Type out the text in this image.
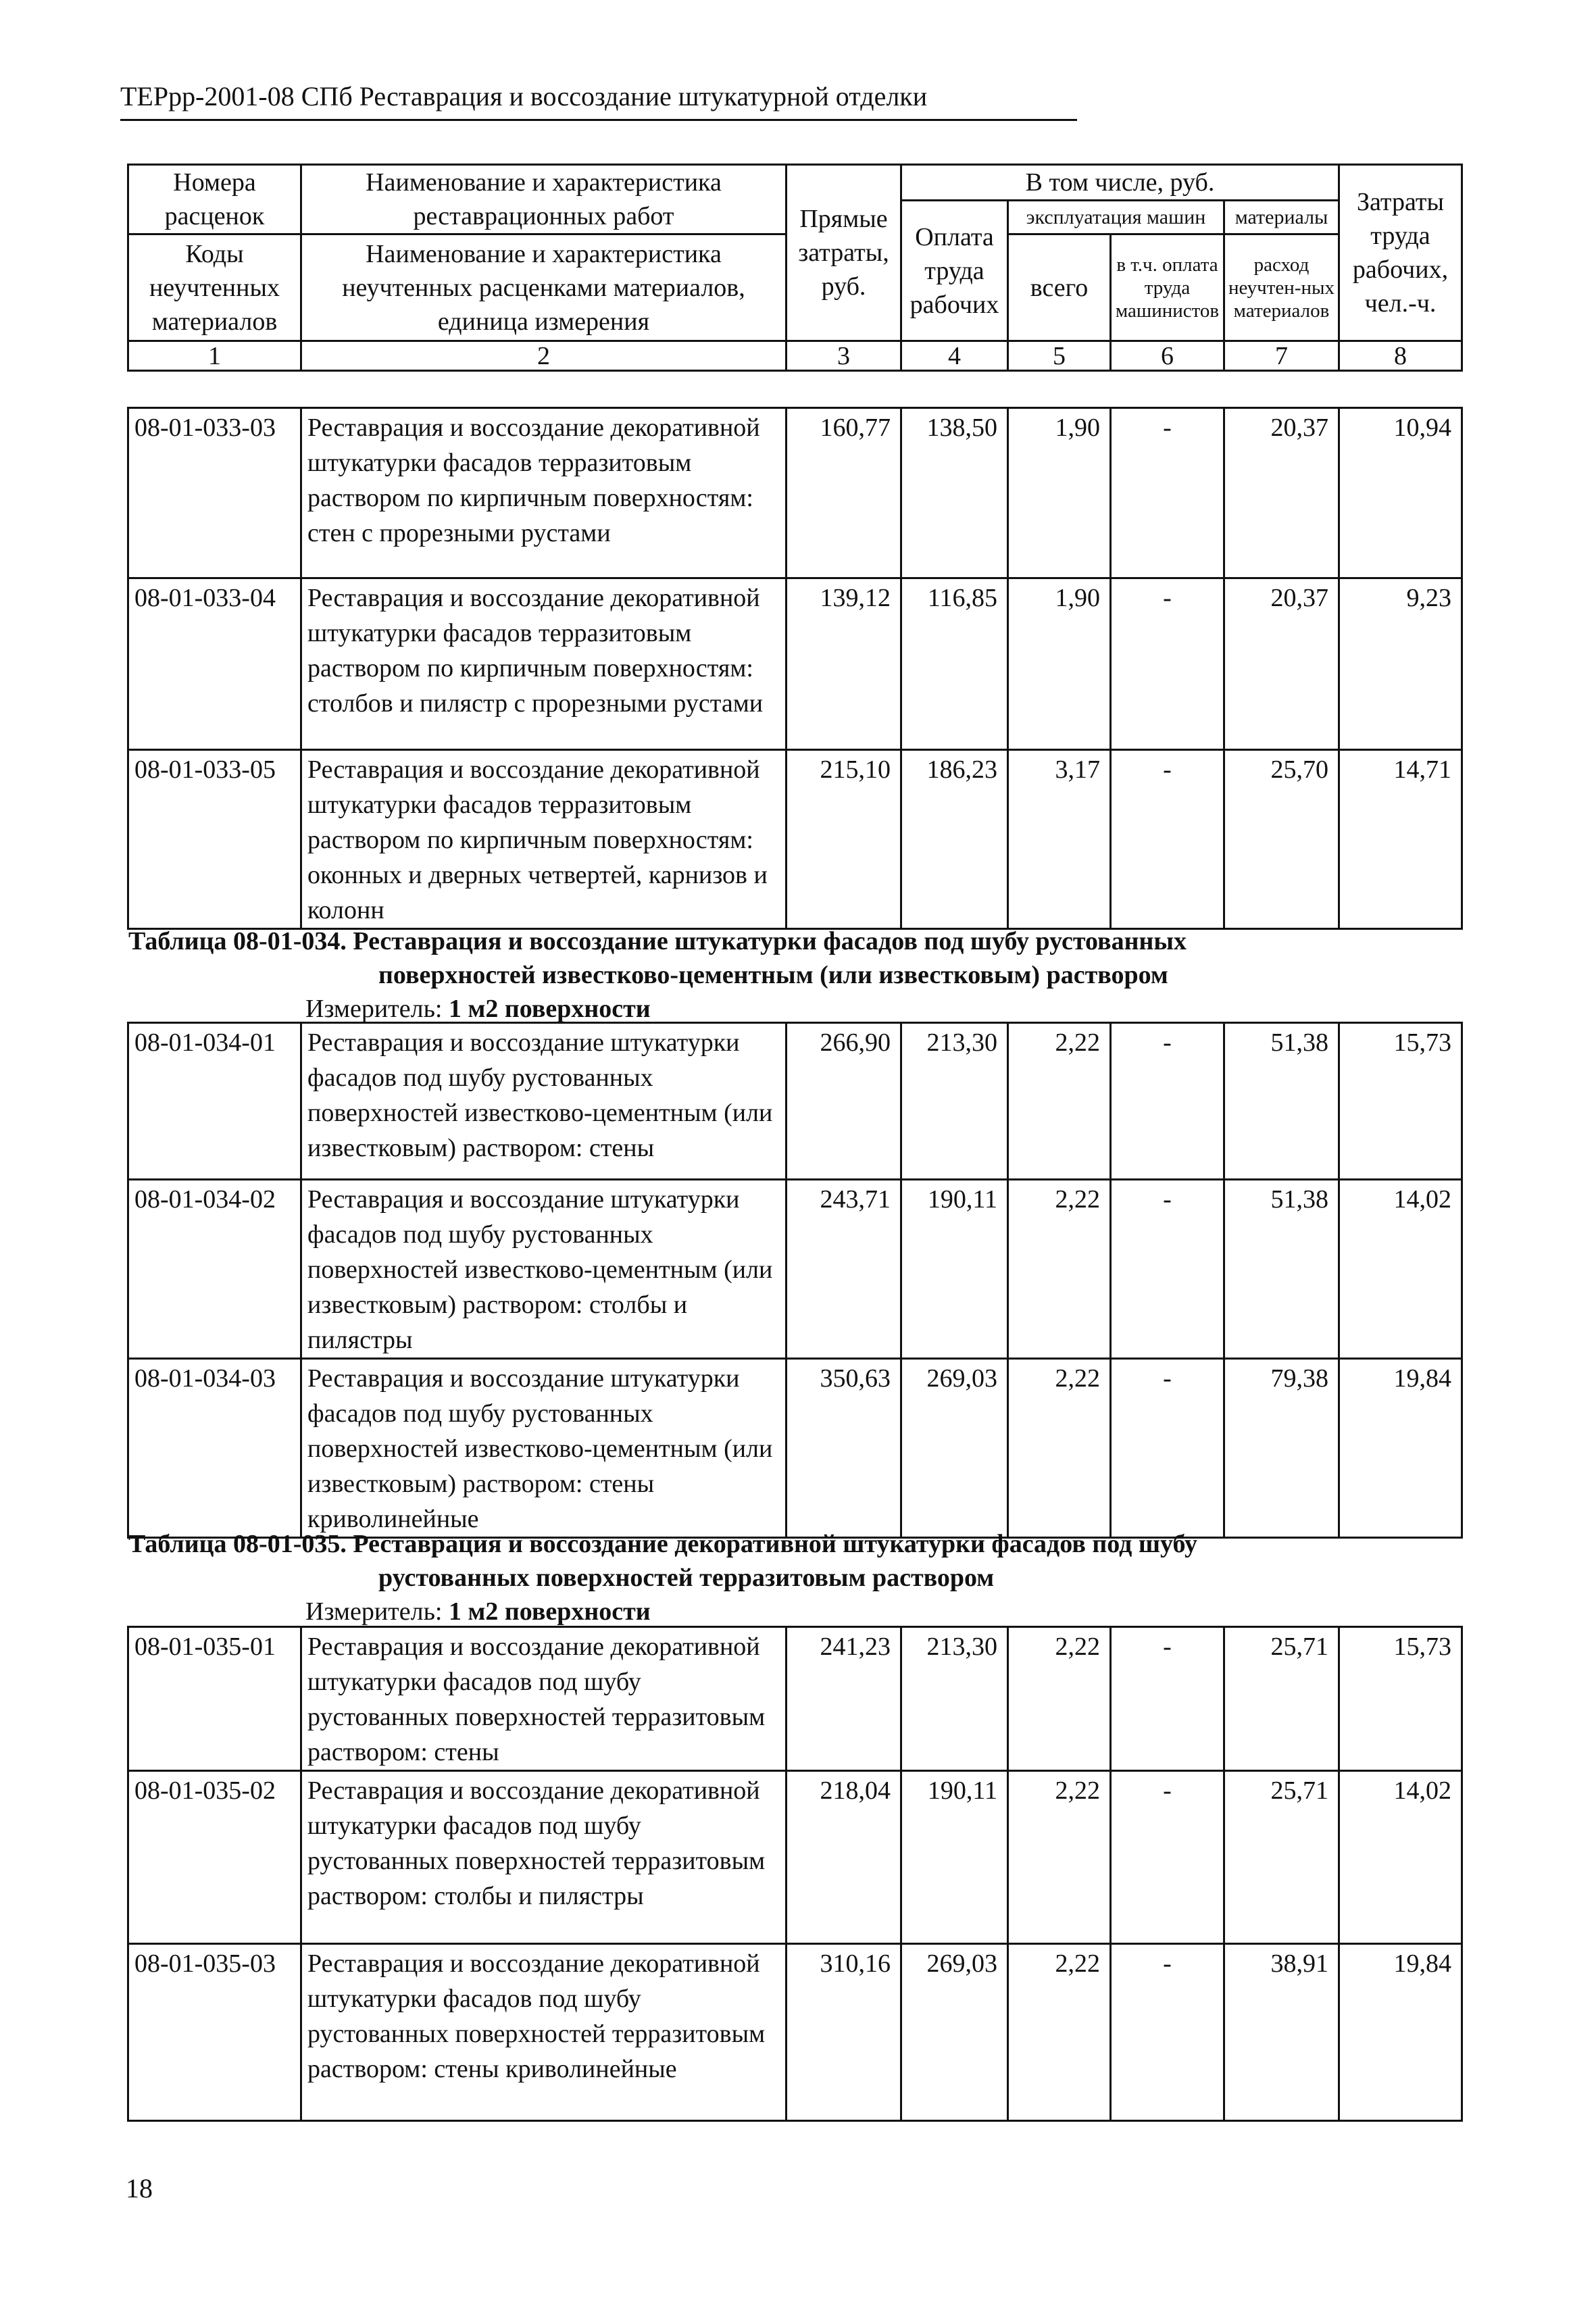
ТЕРрр-2001-08 СПб Реставрация и воссоздание штукатурной отделки
Номера расценок	Наименование и характеристика реставрационных работ	Прямые затраты, руб.	В том числе, руб.				Затраты труда рабочих, чел.-ч.
			Оплата труда рабочих	эксплуатация машин		материалы	
Коды неучтенных материалов	Наименование и характеристика неучтенных расценками материалов, единица измерения			всего	в т.ч. оплата труда машинистов	расход неучтен-ных материалов	
1	2	3	4	5	6	7	8
08-01-033-03	Реставрация и воссоздание декоративной штукатурки фасадов терразитовым раствором по кирпичным поверхностям: стен с прорезными рустами	160,77	138,50	1,90	-	20,37	10,94
08-01-033-04	Реставрация и воссоздание декоративной штукатурки фасадов терразитовым раствором по кирпичным поверхностям: столбов и пилястр с прорезными рустами	139,12	116,85	1,90	-	20,37	9,23
08-01-033-05	Реставрация и воссоздание декоративной штукатурки фасадов терразитовым раствором по кирпичным поверхностям: оконных и дверных четвертей, карнизов и колонн	215,10	186,23	3,17	-	25,70	14,71
Таблица 08-01-034. Реставрация и воссоздание штукатурки фасадов под шубу рустованных
поверхностей известково-цементным (или известковым) раствором
Измеритель: 1 м2 поверхности
08-01-034-01	Реставрация и воссоздание штукатурки фасадов под шубу рустованных поверхностей известково-цементным (или известковым) раствором: стены	266,90	213,30	2,22	-	51,38	15,73
08-01-034-02	Реставрация и воссоздание штукатурки фасадов под шубу рустованных поверхностей известково-цементным (или известковым) раствором: столбы и пилястры	243,71	190,11	2,22	-	51,38	14,02
08-01-034-03	Реставрация и воссоздание штукатурки фасадов под шубу рустованных поверхностей известково-цементным (или известковым) раствором: стены криволинейные	350,63	269,03	2,22	-	79,38	19,84
Таблица 08-01-035. Реставрация и воссоздание декоративной штукатурки фасадов под шубу
рустованных поверхностей терразитовым раствором
Измеритель: 1 м2 поверхности
08-01-035-01	Реставрация и воссоздание декоративной штукатурки фасадов под шубу рустованных поверхностей терразитовым раствором: стены	241,23	213,30	2,22	-	25,71	15,73
08-01-035-02	Реставрация и воссоздание декоративной штукатурки фасадов под шубу рустованных поверхностей терразитовым раствором: столбы и пилястры	218,04	190,11	2,22	-	25,71	14,02
08-01-035-03	Реставрация и воссоздание декоративной штукатурки фасадов под шубу рустованных поверхностей терразитовым раствором: стены криволинейные	310,16	269,03	2,22	-	38,91	19,84
18
